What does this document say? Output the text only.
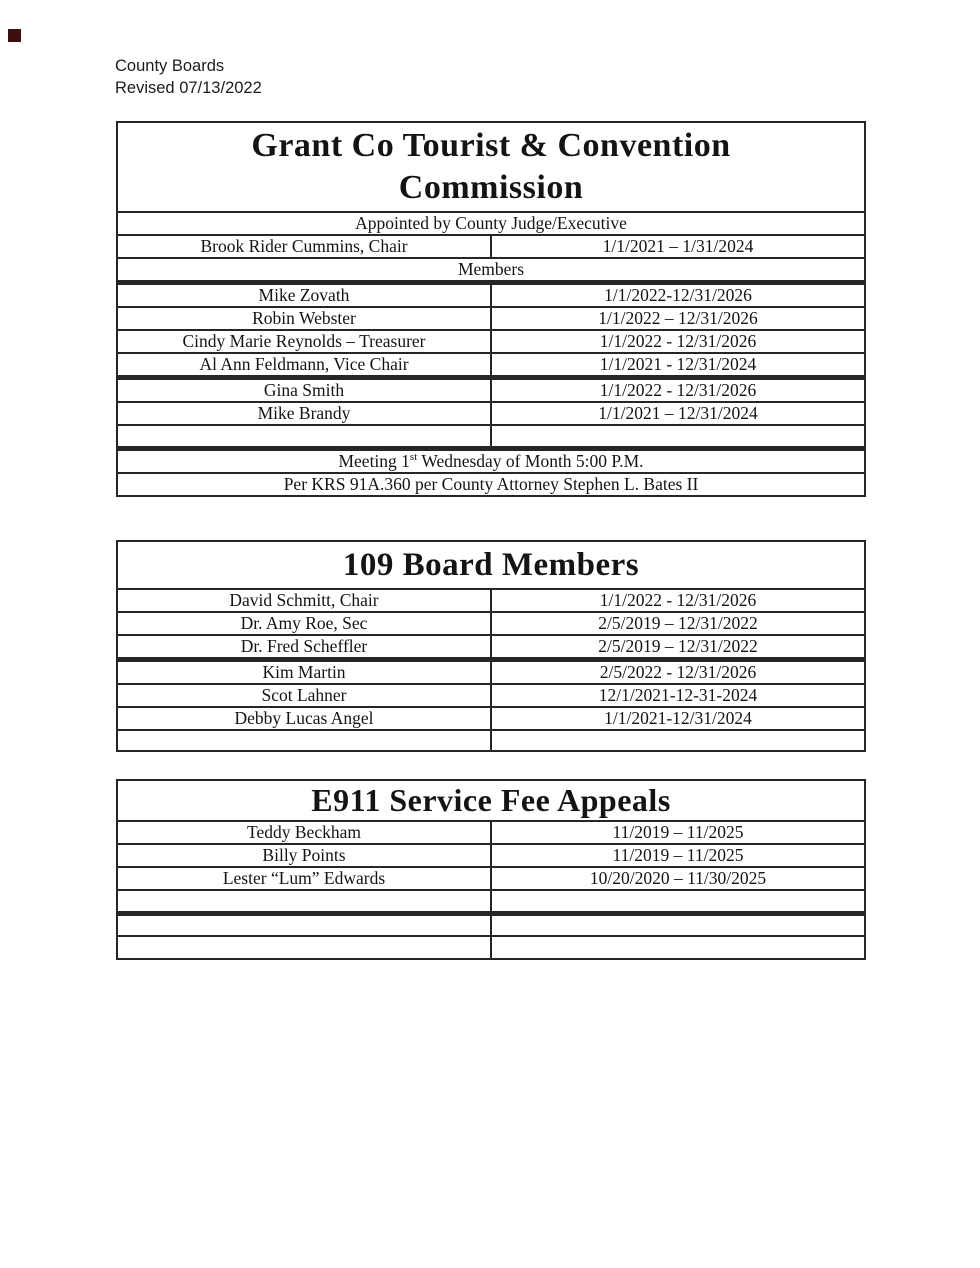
County Boards
Revised 07/13/2022
Grant Co Tourist & Convention
Commission	

Appointed by County Judge/Executive	
Brook Rider Cummins, Chair	1/1/2021 – 1/31/2024
Members	
Mike Zovath	1/1/2022-12/31/2026
Robin Webster	1/1/2022 – 12/31/2026
Cindy Marie Reynolds – Treasurer	1/1/2022 - 12/31/2026
Al Ann Feldmann, Vice Chair	1/1/2021 - 12/31/2024
Gina Smith	1/1/2022 - 12/31/2026
Mike Brandy	1/1/2021 – 12/31/2024

Meeting 1st Wednesday of Month 5:00 P.M.	
Per KRS 91A.360 per County Attorney Stephen L. Bates II	
109 Board Members	

David Schmitt, Chair	1/1/2022 - 12/31/2026
Dr. Amy Roe, Sec	2/5/2019 – 12/31/2022
Dr. Fred Scheffler	2/5/2019 – 12/31/2022
Kim Martin	2/5/2022 - 12/31/2026
Scot Lahner	12/1/2021-12-31-2024
Debby Lucas Angel	1/1/2021-12/31/2024

E911 Service Fee Appeals	

Teddy Beckham	11/2019 – 11/2025
Billy Points	11/2019 – 11/2025
Lester “Lum” Edwards	10/20/2020 – 11/30/2025
